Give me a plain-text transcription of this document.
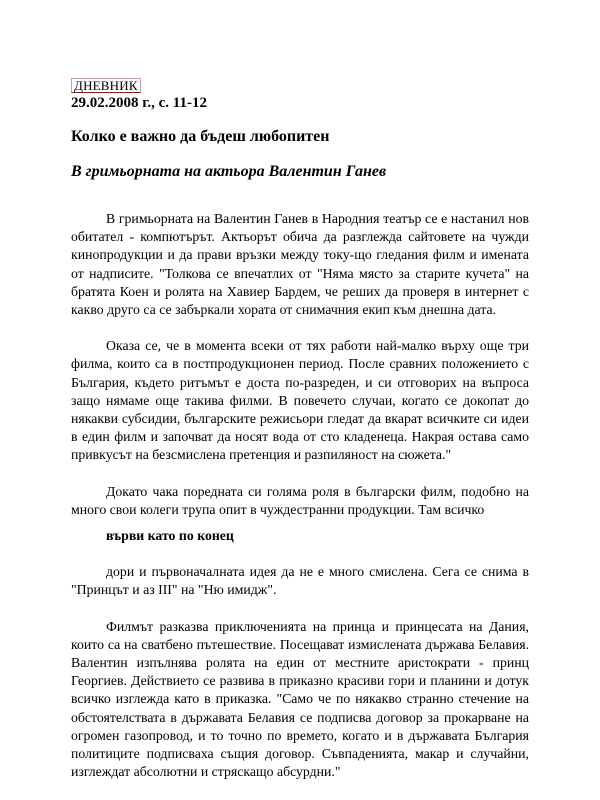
ДНЕВНИК
29.02.2008 г., с. 11-12
Колко е важно да бъдеш любопитен
В гримьорната на актьора Валентин Ганев

В гримьорната на Валентин Ганев в Народния театър се е настанил нов обитател - компютърът. Актьорът обича да разглежда сайтовете на чужди кинопродукции и да прави връзки между току-що гледания филм и имената от надписите. "Толкова се впечатлих от "Няма място за старите кучета" на братята Коен и ролята на Хавиер Бардем, че реших да проверя в интернет с какво друго са се забъркали хората от снимачния екип към днешна дата.

Оказа се, че в момента всеки от тях работи най-малко върху още три филма, които са в постпродукционен период. После сравних положението с България, където ритъмът е доста по-разреден, и си отговорих на въпроса защо нямаме още такива филми. В повечето случаи, когато се докопат до някакви субсидии, българските режисьори гледат да вкарат всичките си идеи в един филм и започват да носят вода от сто кладенеца. Накрая остава само привкусът на безсмислена претенция и разпиляност на сюжета."

Докато чака поредната си голяма роля в български филм, подобно на много свои колеги трупа опит в чуждестранни продукции. Там всичко

върви като по конец

дори и първоначалната идея да не е много смислена. Сега се снима в "Принцът и аз III" на "Ню имидж".

Филмът разказва приключенията на принца и принцесата на Дания, които са на сватбено пътешествие. Посещават измислената държава Белавия. Валентин изпълнява ролята на един от местните аристократи - принц Георгиев. Действието се развива в приказно красиви гори и планини и дотук всичко изглежда като в приказка. "Само че по някакво странно стечение на обстоятелствата в държавата Белавия се подписва договор за прокарване на огромен газопровод, и то точно по времето, когато и в държавата България политиците подписваха същия договор. Съвпаденията, макар и случайни, изглеждат абсолютни и стряскащо абсурдни."
